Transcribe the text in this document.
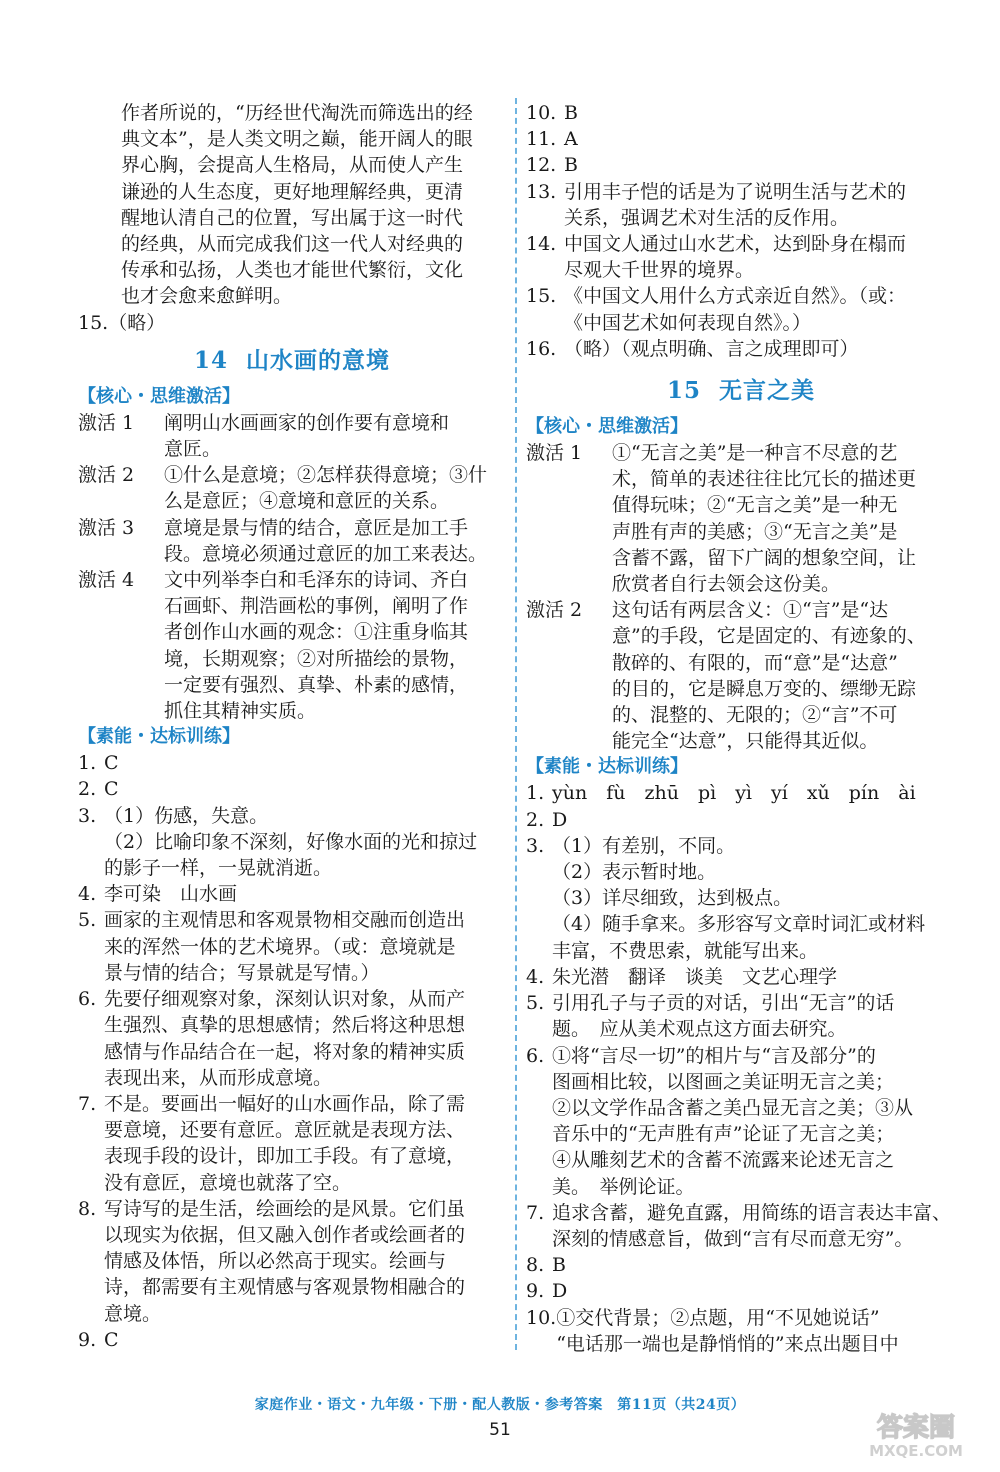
作者所说的，“历经世代淘洗而筛选出的经
典文本”，是人类文明之巅，能开阔人的眼
界心胸，会提高人生格局，从而使人产生
谦逊的人生态度，更好地理解经典，更清
醒地认清自己的位置，写出属于这一时代
的经典，从而完成我们这一代人对经典的
传承和弘扬，人类也才能世代繁衍，文化
也才会愈来愈鲜明。
15. （略）
14 山水画的意境
【核心・思维激活】
激活 1　 阐明山水画画家的创作要有意境和
意匠。
激活 2　 ①什么是意境；②怎样获得意境；③什
么是意匠；④意境和意匠的关系。
激活 3　 意境是景与情的结合，意匠是加工手
段。意境必须通过意匠的加工来表达。
激活 4　 文中列举李白和毛泽东的诗词、齐白
石画虾、荆浩画松的事例，阐明了作
者创作山水画的观念：①注重身临其
境，长期观察；②对所描绘的景物，
一定要有强烈、真挚、朴素的感情，
抓住其精神实质。
【素能・达标训练】
1. C
2. C
3. （1）伤感，失意。
（2）比喻印象不深刻，好像水面的光和掠过
的影子一样，一晃就消逝。
4. 李可染　山水画
5. 画家的主观情思和客观景物相交融而创造出
来的浑然一体的艺术境界。（或：意境就是
景与情的结合；写景就是写情。）
6. 先要仔细观察对象，深刻认识对象，从而产
生强烈、真挚的思想感情；然后将这种思想
感情与作品结合在一起，将对象的精神实质
表现出来，从而形成意境。
7. 不是。要画出一幅好的山水画作品，除了需
要意境，还要有意匠。意匠就是表现方法、
表现手段的设计，即加工手段。有了意境，
没有意匠，意境也就落了空。
8. 写诗写的是生活，绘画绘的是风景。它们虽
以现实为依据，但又融入创作者或绘画者的
情感及体悟，所以必然高于现实。绘画与
诗，都需要有主观情感与客观景物相融合的
意境。
9. C
10. B
11. A
12. B
13. 引用丰子恺的话是为了说明生活与艺术的
关系，强调艺术对生活的反作用。
14. 中国文人通过山水艺术，达到卧身在榻而
尽观大千世界的境界。
15. 《中国文人用什么方式亲近自然》。（或：
《中国艺术如何表现自然》。）
16. （略）（观点明确、言之成理即可）
15 无言之美
【核心・思维激活】
激活 1　 ①“无言之美”是一种言不尽意的艺
术，简单的表述往往比冗长的描述更
值得玩味；②“无言之美”是一种无
声胜有声的美感；③“无言之美”是
含蓄不露，留下广阔的想象空间，让
欣赏者自行去领会这份美。
激活 2　 这句话有两层含义：①“言”是“达
意”的手段，它是固定的、有迹象的、
散碎的、有限的，而“意”是“达意”
的目的，它是瞬息万变的、缥缈无踪
的、混整的、无限的；②“言”不可
能完全“达意”，只能得其近似。
【素能・达标训练】
1. yùn　fù　zhū　pì　yì　yí　xǔ　pín　ài
2. D
3. （1）有差别，不同。
（2）表示暂时地。
（3）详尽细致，达到极点。
（4）随手拿来。多形容写文章时词汇或材料
丰富，不费思索，就能写出来。
4. 朱光潜　翻译　谈美　文艺心理学
5. 引用孔子与子贡的对话，引出“无言”的话
题。　应从美术观点这方面去研究。
6. ①将“言尽一切”的相片与“言及部分”的
图画相比较，以图画之美证明无言之美；
②以文学作品含蓄之美凸显无言之美；③从
音乐中的“无声胜有声”论证了无言之美；
④从雕刻艺术的含蓄不流露来论述无言之
美。　举例论证。
7. 追求含蓄，避免直露，用简练的语言表达丰富、
深刻的情感意旨，做到“言有尽而意无穷”。
8. B
9. D
10. ①交代背景；②点题，用“不见她说话”
“电话那一端也是静悄悄的”来点出题目中
家庭作业・语文・九年级・下册・配人教版・参考答案　第11页（共24页）
51	答案圈
MXQE.COM
